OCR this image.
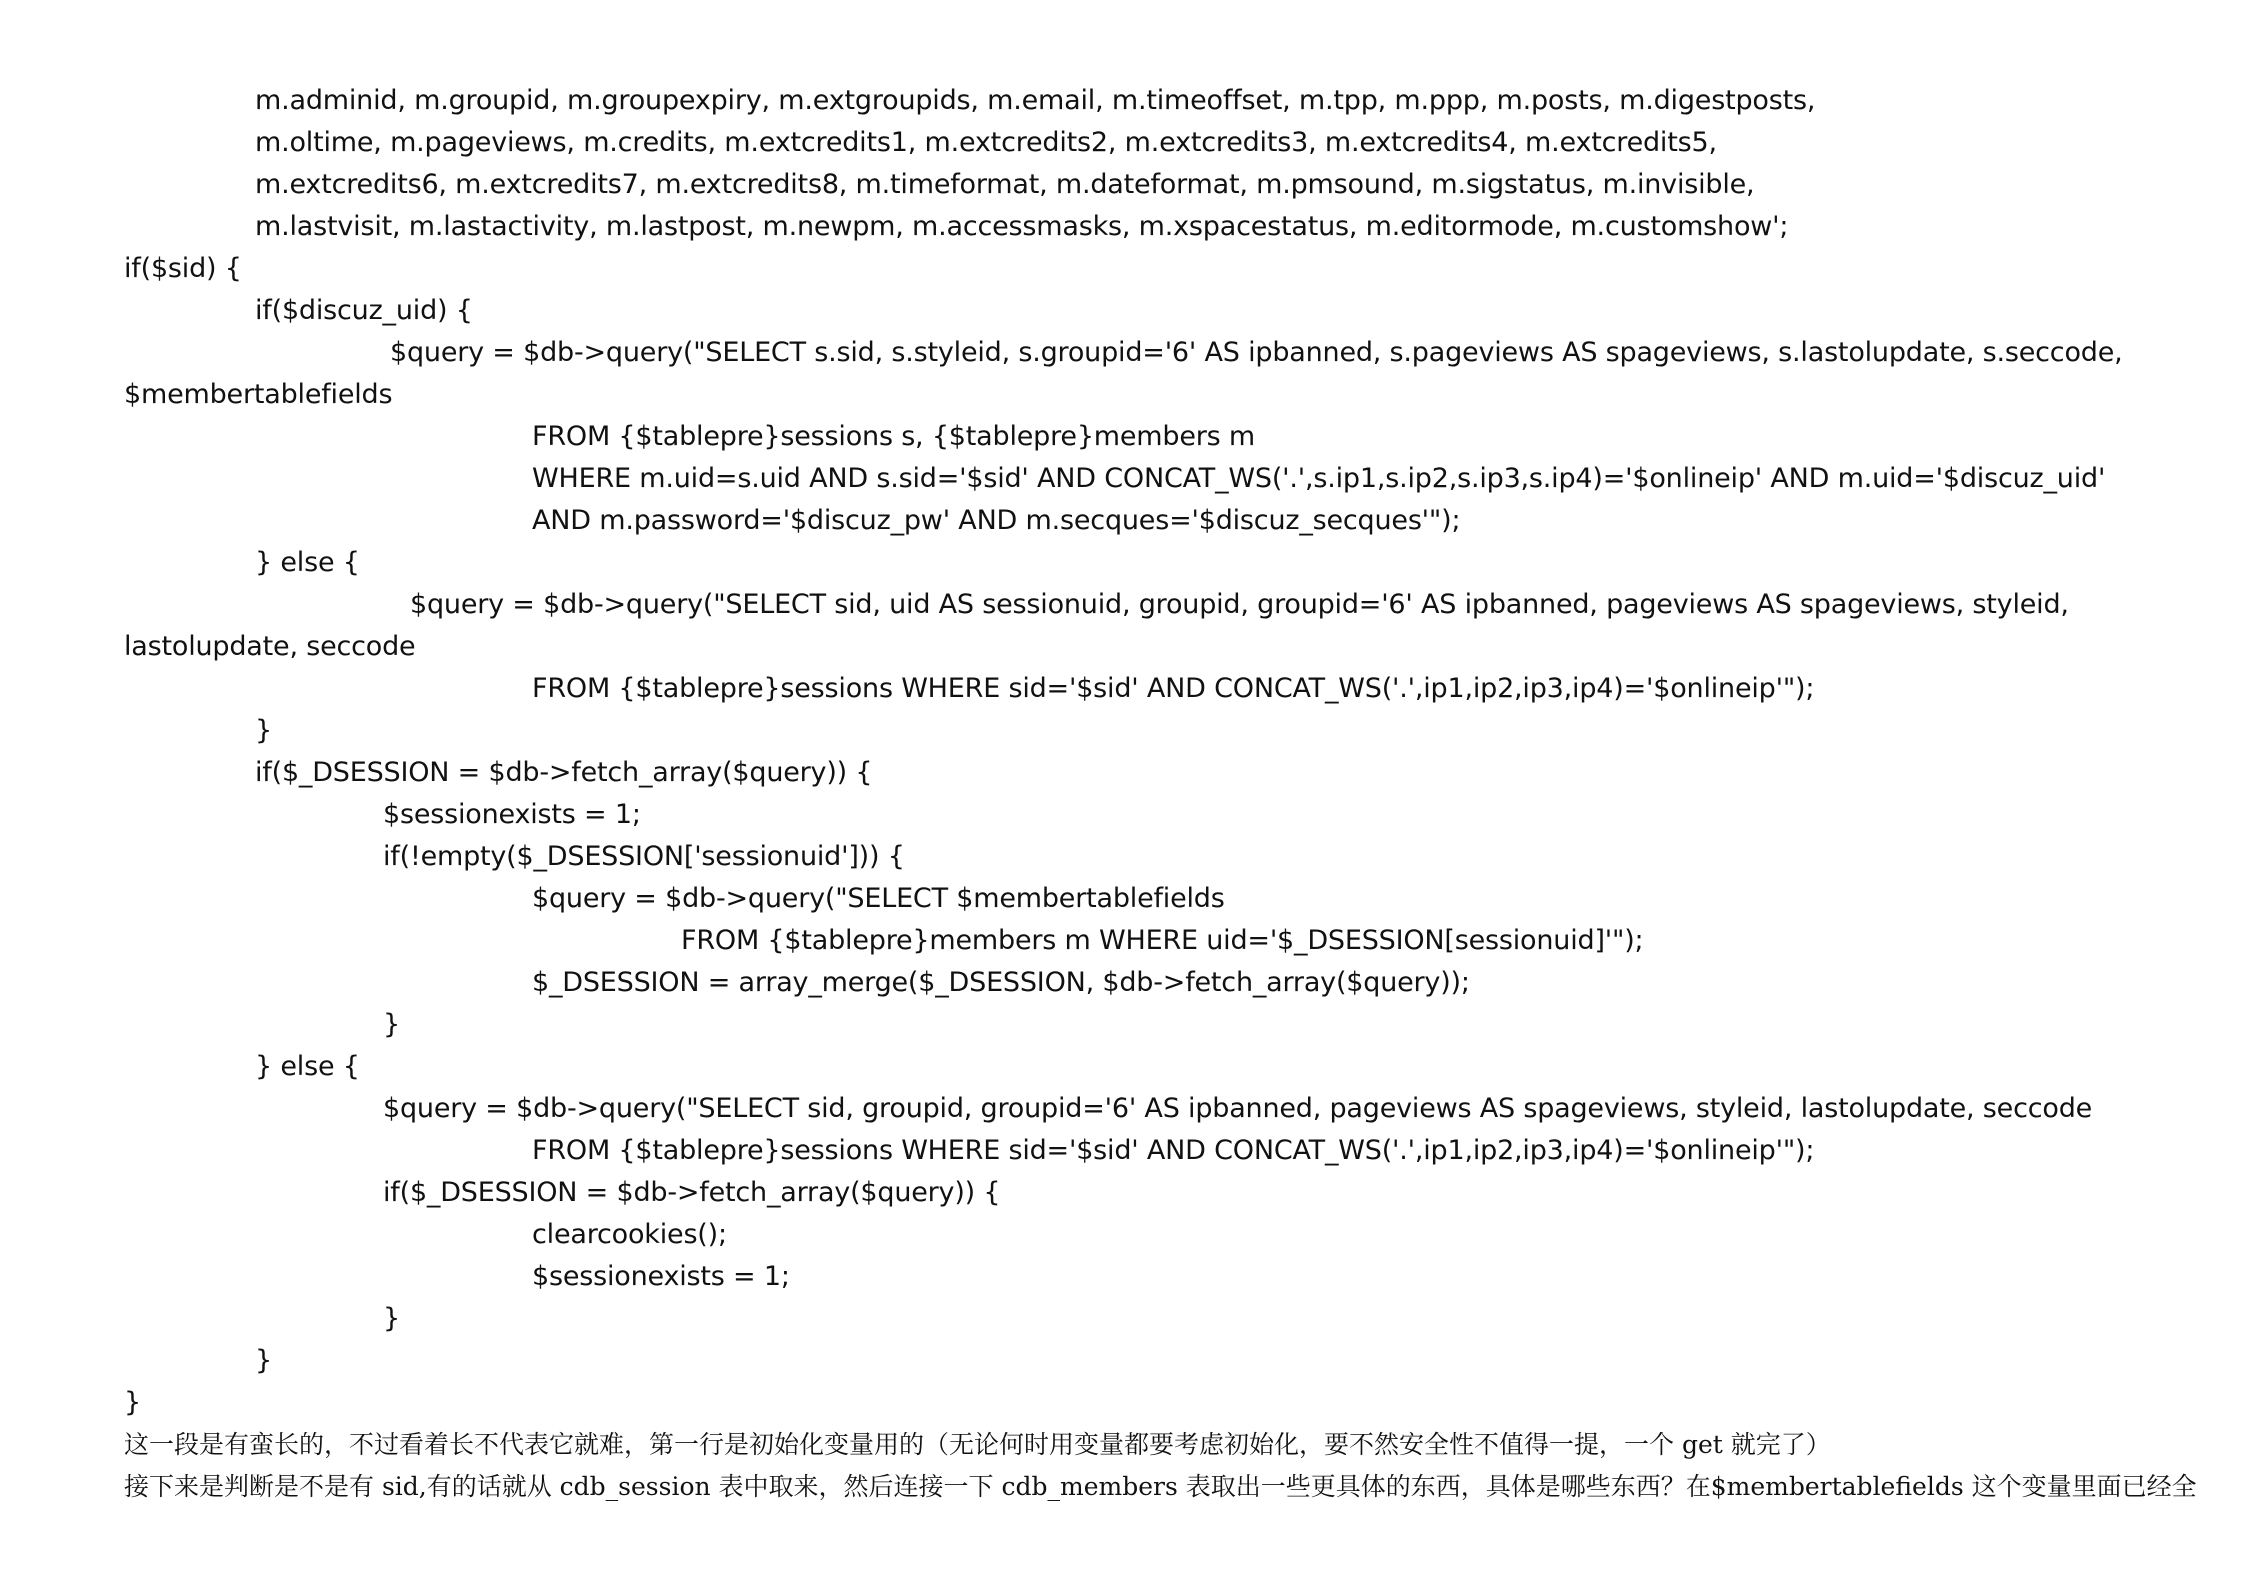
m.adminid, m.groupid, m.groupexpiry, m.extgroupids, m.email, m.timeoffset, m.tpp, m.ppp, m.posts, m.digestposts,
m.oltime, m.pageviews, m.credits, m.extcredits1, m.extcredits2, m.extcredits3, m.extcredits4, m.extcredits5,
m.extcredits6, m.extcredits7, m.extcredits8, m.timeformat, m.dateformat, m.pmsound, m.sigstatus, m.invisible,
m.lastvisit, m.lastactivity, m.lastpost, m.newpm, m.accessmasks, m.xspacestatus, m.editormode, m.customshow';
if($sid) {
if($discuz_uid) {
$query = $db->query("SELECT s.sid, s.styleid, s.groupid='6' AS ipbanned, s.pageviews AS spageviews, s.lastolupdate, s.seccode,
$membertablefields
FROM {$tablepre}sessions s, {$tablepre}members m
WHERE m.uid=s.uid AND s.sid='$sid' AND CONCAT_WS('.',s.ip1,s.ip2,s.ip3,s.ip4)='$onlineip' AND m.uid='$discuz_uid'
AND m.password='$discuz_pw' AND m.secques='$discuz_secques'");
} else {
$query = $db->query("SELECT sid, uid AS sessionuid, groupid, groupid='6' AS ipbanned, pageviews AS spageviews, styleid,
lastolupdate, seccode
FROM {$tablepre}sessions WHERE sid='$sid' AND CONCAT_WS('.',ip1,ip2,ip3,ip4)='$onlineip'");
}
if($_DSESSION = $db->fetch_array($query)) {
$sessionexists = 1;
if(!empty($_DSESSION['sessionuid'])) {
$query = $db->query("SELECT $membertablefields
FROM {$tablepre}members m WHERE uid='$_DSESSION[sessionuid]'");
$_DSESSION = array_merge($_DSESSION, $db->fetch_array($query));
}
} else {
$query = $db->query("SELECT sid, groupid, groupid='6' AS ipbanned, pageviews AS spageviews, styleid, lastolupdate, seccode
FROM {$tablepre}sessions WHERE sid='$sid' AND CONCAT_WS('.',ip1,ip2,ip3,ip4)='$onlineip'");
if($_DSESSION = $db->fetch_array($query)) {
clearcookies();
$sessionexists = 1;
}
}
}
这一段是有蛮长的，不过看着长不代表它就难，第一行是初始化变量用的（无论何时用变量都要考虑初始化，要不然安全性不值得一提，一个 get 就完了）
接下来是判断是不是有 sid,有的话就从 cdb_session 表中取来，然后连接一下 cdb_members 表取出一些更具体的东西，具体是哪些东西？在$membertablefields 这个变量里面已经全
